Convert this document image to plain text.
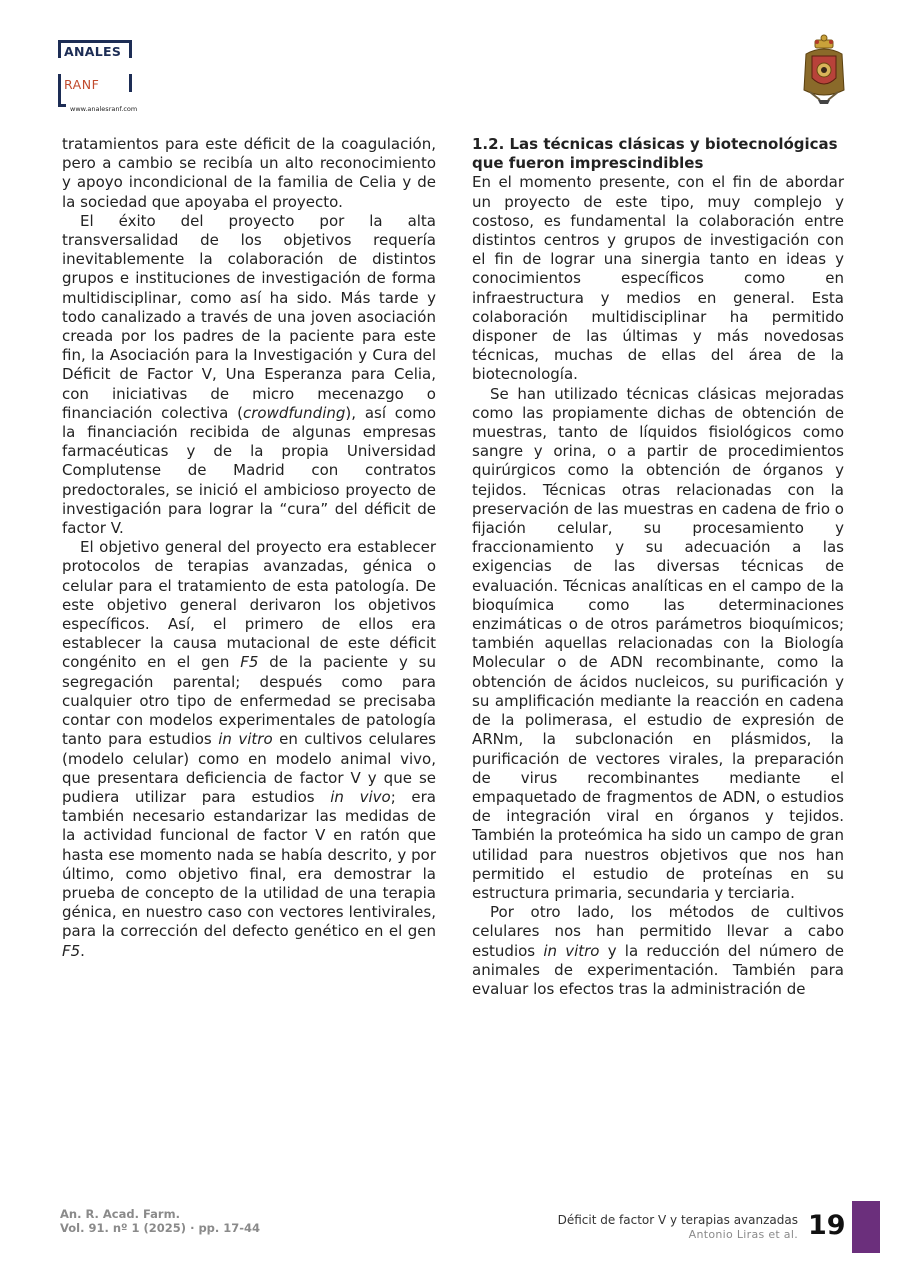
ANALES
RANF
www.analesranf.com

tratamientos para este déficit de la coagulación, pero a cambio se recibía un alto reconocimiento y apoyo incondicional de la familia de Celia y de la sociedad que apoyaba el proyecto.

El éxito del proyecto por la alta transversalidad de los objetivos requería inevitablemente la colaboración de distintos grupos e instituciones de investigación de forma multidisciplinar, como así ha sido. Más tarde y todo canalizado a través de una joven asociación creada por los padres de la paciente para este fin, la Asociación para la Investigación y Cura del Déficit de Factor V, Una Esperanza para Celia, con iniciativas de micro mecenazgo o financiación colectiva (crowdfunding), así como la financiación recibida de algunas empresas farmacéuticas y de la propia Universidad Complutense de Madrid con contratos predoctorales, se inició el ambicioso proyecto de investigación para lograr la “cura” del déficit de factor V.

El objetivo general del proyecto era establecer protocolos de terapias avanzadas, génica o celular para el tratamiento de esta patología. De este objetivo general derivaron los objetivos específicos. Así, el primero de ellos era establecer la causa mutacional de este déficit congénito en el gen F5 de la paciente y su segregación parental; después como para cualquier otro tipo de enfermedad se precisaba contar con modelos experimentales de patología tanto para estudios in vitro en cultivos celulares (modelo celular) como en modelo animal vivo, que presentara deficiencia de factor V y que se pudiera utilizar para estudios in vivo; era también necesario estandarizar las medidas de la actividad funcional de factor V en ratón que hasta ese momento nada se había descrito, y por último, como objetivo final, era demostrar la prueba de concepto de la utilidad de una terapia génica, en nuestro caso con vectores lentivirales, para la corrección del defecto genético en el gen F5.

1.2. Las técnicas clásicas y biotecnológicas que fueron imprescindibles

En el momento presente, con el fin de abordar un proyecto de este tipo, muy complejo y costoso, es fundamental la colaboración entre distintos centros y grupos de investigación con el fin de lograr una sinergia tanto en ideas y conocimientos específicos como en infraestructura y medios en general. Esta colaboración multidisciplinar ha permitido disponer de las últimas y más novedosas técnicas, muchas de ellas del área de la biotecnología.

Se han utilizado técnicas clásicas mejoradas como las propiamente dichas de obtención de muestras, tanto de líquidos fisiológicos como sangre y orina, o a partir de procedimientos quirúrgicos como la obtención de órganos y tejidos. Técnicas otras relacionadas con la preservación de las muestras en cadena de frio o fijación celular, su procesamiento y fraccionamiento y su adecuación a las exigencias de las diversas técnicas de evaluación. Técnicas analíticas en el campo de la bioquímica como las determinaciones enzimáticas o de otros parámetros bioquímicos; también aquellas relacionadas con la Biología Molecular o de ADN recombinante, como la obtención de ácidos nucleicos, su purificación y su amplificación mediante la reacción en cadena de la polimerasa, el estudio de expresión de ARNm, la subclonación en plásmidos, la purificación de vectores virales, la preparación de virus recombinantes mediante el empaquetado de fragmentos de ADN, o estudios de integración viral en órganos y tejidos. También la proteómica ha sido un campo de gran utilidad para nuestros objetivos que nos han permitido el estudio de proteínas en su estructura primaria, secundaria y terciaria.

Por otro lado, los métodos de cultivos celulares nos han permitido llevar a cabo estudios in vitro y la reducción del número de animales de experimentación. También para evaluar los efectos tras la administración de

An. R. Acad. Farm.
Vol. 91. nº 1 (2025) · pp. 17-44
Déficit de factor V y terapias avanzadas
Antonio Liras et al. 19
